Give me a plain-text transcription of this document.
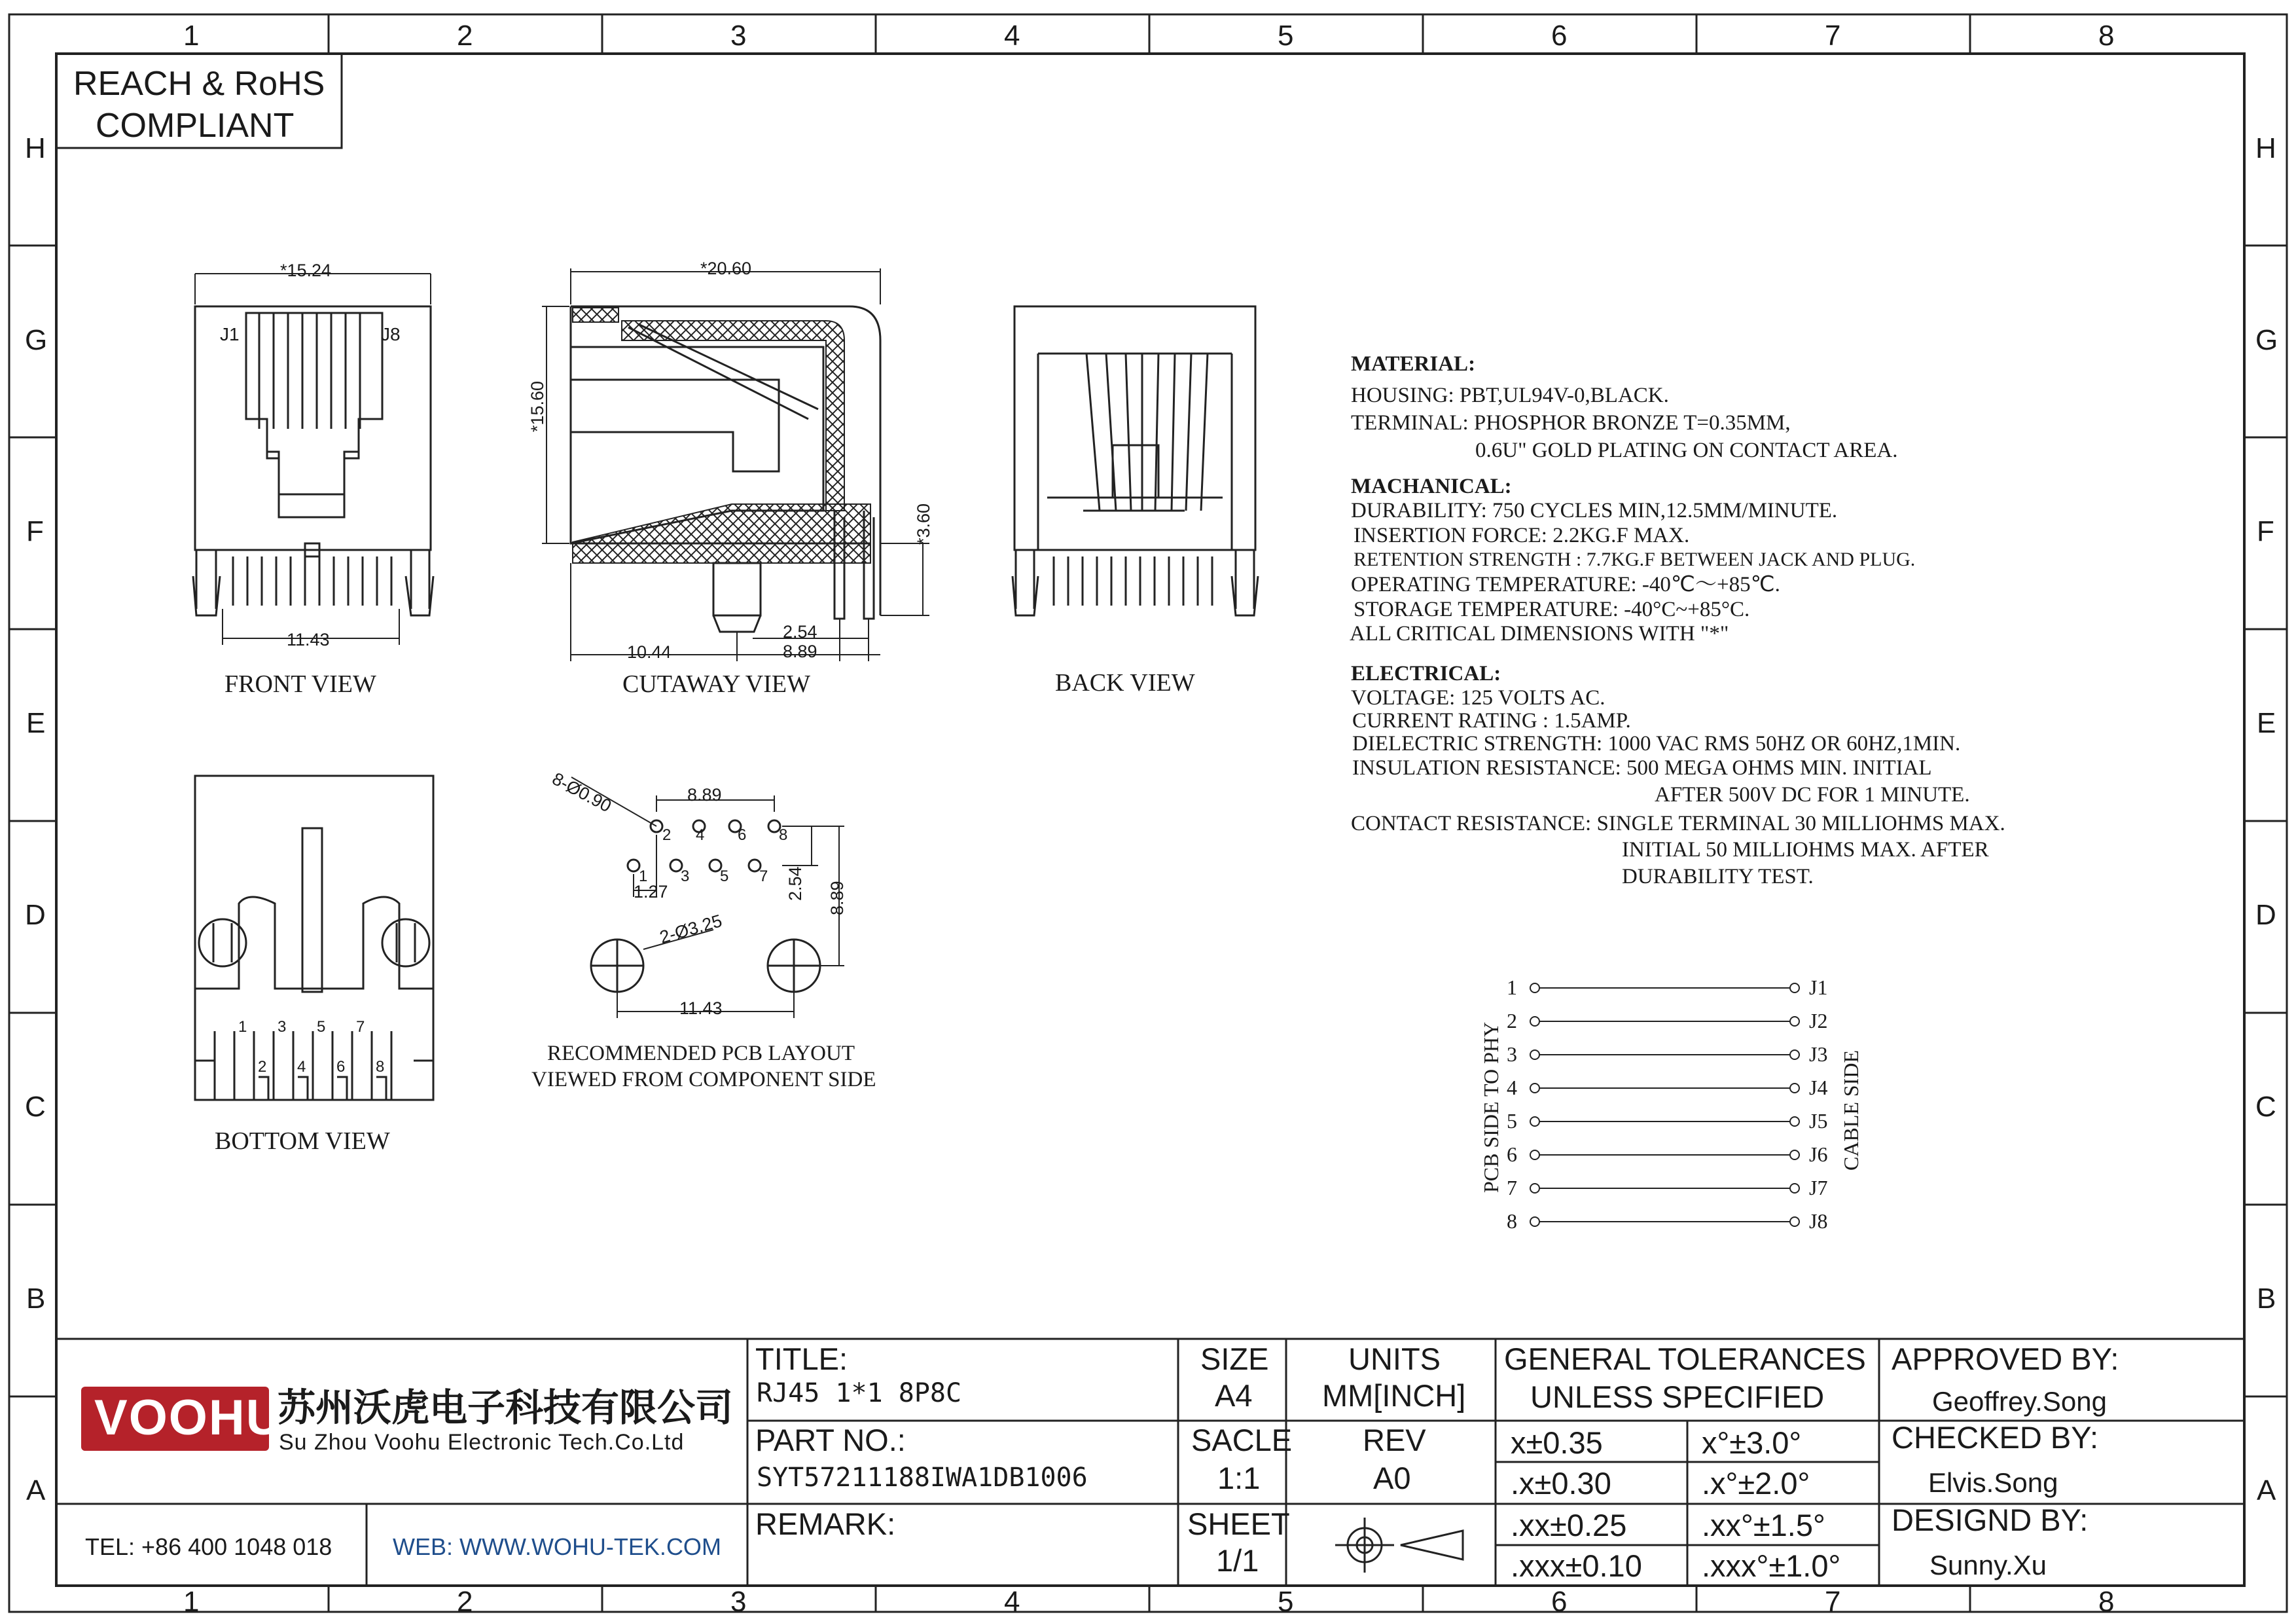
1	2	3	4	5	6	7	8
1	2	3	4	5	6	7	8
H
G
F
E
D
C
B
A
H
G
F
E
D
C
B
A
REACH & RoHS
COMPLIANT
*15.24
J1	J8
11.43
FRONT VIEW
*20.60
*15.60
*3.60
10.44
2.54
8.89
CUTAWAY VIEW	BACK VIEW
1 3 5 7
2 4 6 8
BOTTOM VIEW
8-Ø0.90	8.89
2 4 6 8
1 3 5 7
1.27	2.54 8.89
2-Ø3.25
11.43
RECOMMENDED PCB LAYOUT
VIEWED FROM COMPONENT SIDE
MATERIAL:
HOUSING: PBT,UL94V-0,BLACK.
TERMINAL: PHOSPHOR BRONZE T=0.35MM,
0.6U" GOLD PLATING ON CONTACT AREA.
MACHANICAL:
DURABILITY: 750 CYCLES MIN,12.5MM/MINUTE.
INSERTION FORCE: 2.2KG.F MAX.
RETENTION STRENGTH : 7.7KG.F BETWEEN JACK AND PLUG.
OPERATING TEMPERATURE: -40℃～+85℃.
STORAGE TEMPERATURE: -40°C~+85°C.
ALL CRITICAL DIMENSIONS WITH "*"
ELECTRICAL:
VOLTAGE: 125 VOLTS AC.
CURRENT RATING : 1.5AMP.
DIELECTRIC STRENGTH: 1000 VAC RMS 50HZ OR 60HZ,1MIN.
INSULATION RESISTANCE: 500 MEGA OHMS MIN. INITIAL
AFTER 500V DC FOR 1 MINUTE.
CONTACT RESISTANCE: SINGLE TERMINAL 30 MILLIOHMS MAX.
INITIAL 50 MILLIOHMS MAX. AFTER
DURABILITY TEST.
PCB SIDE TO PHY	CABLE SIDE
1
2
3
4
5
6
7
8
J1
J2
J3
J4
J5
J6
J7
J8
VOOHU
苏州沃虎电子科技有限公司
Su Zhou Voohu Electronic Tech.Co.Ltd
TEL: +86 400 1048 018	WEB: WWW.WOHU-TEK.COM
TITLE:
RJ45 1*1 8P8C
PART NO.:
SYT57211188IWA1DB1006
REMARK:
SIZE
A4
SACLE
1:1
SHEET
1/1
UNITS
MM[INCH]
REV
A0
GENERAL TOLERANCES
UNLESS SPECIFIED
x±0.35	x°±3.0°
.x±0.30	.x°±2.0°
.xx±0.25 .xx°±1.5°
.xxx±0.10 .xxx°±1.0°
APPROVED BY:
Geoffrey.Song
CHECKED BY:
Elvis.Song
DESIGND BY:
Sunny.Xu
